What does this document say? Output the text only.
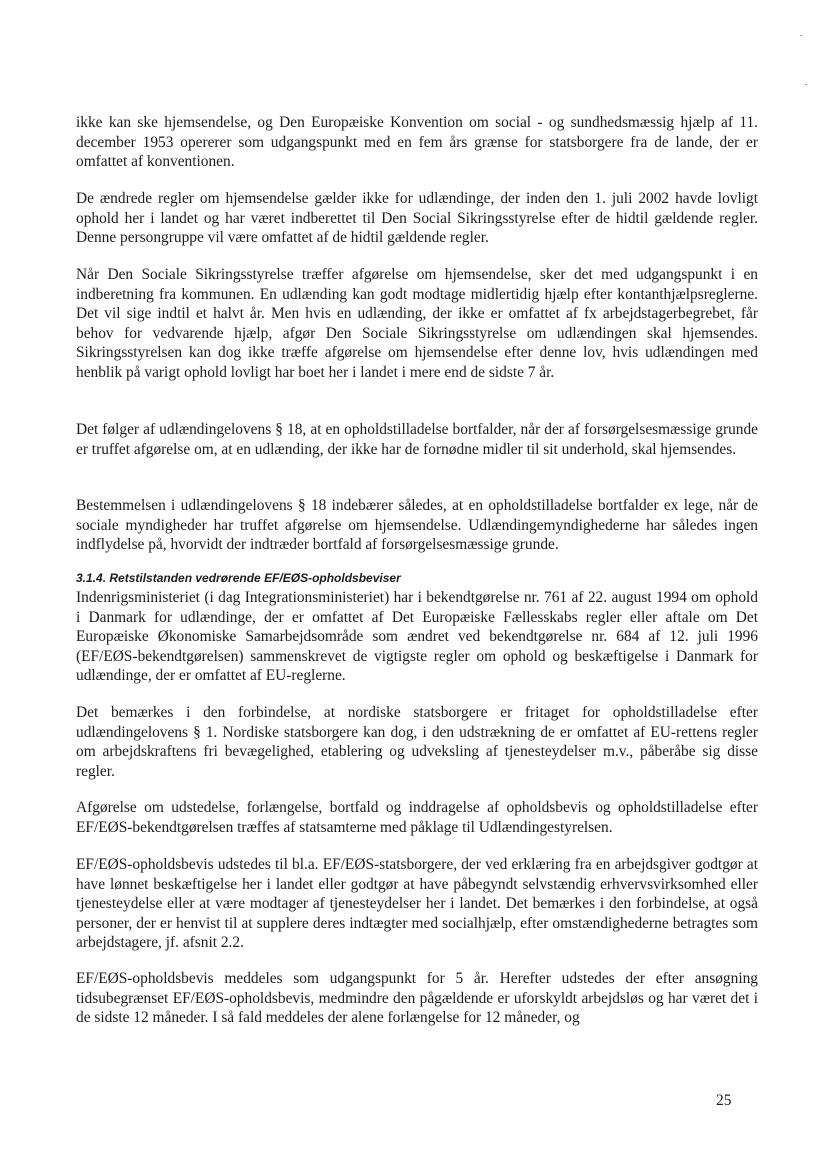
ikke kan ske hjemsendelse, og Den Europæiske Konvention om social - og sundhedsmæssig hjælp af 11. december 1953 opererer som udgangspunkt med en fem års grænse for statsborgere fra de lande, der er omfattet af konventionen.

De ændrede regler om hjemsendelse gælder ikke for udlændinge, der inden den 1. juli 2002 havde lovligt ophold her i landet og har været indberettet til Den Social Sikringsstyrelse efter de hidtil gældende regler. Denne persongruppe vil være omfattet af de hidtil gældende regler.

Når Den Sociale Sikringsstyrelse træffer afgørelse om hjemsendelse, sker det med udgangspunkt i en indberetning fra kommunen. En udlænding kan godt modtage midlertidig hjælp efter kontanthjælpsreglerne. Det vil sige indtil et halvt år. Men hvis en udlænding, der ikke er omfattet af fx arbejdstagerbegrebet, får behov for vedvarende hjælp, afgør Den Sociale Sikringsstyrelse om udlændingen skal hjemsendes. Sikringsstyrelsen kan dog ikke træffe afgørelse om hjemsendelse efter denne lov, hvis udlændingen med henblik på varigt ophold lovligt har boet her i landet i mere end de sidste 7 år.

Det følger af udlændingelovens § 18, at en opholdstilladelse bortfalder, når der af forsørgelsesmæssige grunde er truffet afgørelse om, at en udlænding, der ikke har de fornødne midler til sit underhold, skal hjemsendes.

Bestemmelsen i udlændingelovens § 18 indebærer således, at en opholdstilladelse bortfalder ex lege, når de sociale myndigheder har truffet afgørelse om hjemsendelse. Udlændingemyndighederne har således ingen indflydelse på, hvorvidt der indtræder bortfald af forsørgelsesmæssige grunde.

3.1.4. Retstilstanden vedrørende EF/EØS-opholdsbeviser

Indenrigsministeriet (i dag Integrationsministeriet) har i bekendtgørelse nr. 761 af 22. august 1994 om ophold i Danmark for udlændinge, der er omfattet af Det Europæiske Fællesskabs regler eller aftale om Det Europæiske Økonomiske Samarbejdsområde som ændret ved bekendtgørelse nr. 684 af 12. juli 1996 (EF/EØS-bekendtgørelsen) sammenskrevet de vigtigste regler om ophold og beskæftigelse i Danmark for udlændinge, der er omfattet af EU-reglerne.

Det bemærkes i den forbindelse, at nordiske statsborgere er fritaget for opholdstilladelse efter udlændingelovens § 1. Nordiske statsborgere kan dog, i den udstrækning de er omfattet af EU-rettens regler om arbejdskraftens fri bevægelighed, etablering og udveksling af tjenesteydelser m.v., påberåbe sig disse regler.

Afgørelse om udstedelse, forlængelse, bortfald og inddragelse af opholdsbevis og opholdstilladelse efter EF/EØS-bekendtgørelsen træffes af statsamterne med påklage til Udlændingestyrelsen.

EF/EØS-opholdsbevis udstedes til bl.a. EF/EØS-statsborgere, der ved erklæring fra en arbejdsgiver godtgør at have lønnet beskæftigelse her i landet eller godtgør at have påbegyndt selvstændig erhvervsvirksomhed eller tjenesteydelse eller at være modtager af tjenesteydelser her i landet. Det bemærkes i den forbindelse, at også personer, der er henvist til at supplere deres indtægter med socialhjælp, efter omstændighederne betragtes som arbejdstagere, jf. afsnit 2.2.

EF/EØS-opholdsbevis meddeles som udgangspunkt for 5 år. Herefter udstedes der efter ansøgning tidsubegrænset EF/EØS-opholdsbevis, medmindre den pågældende er uforskyldt arbejdsløs og har været det i de sidste 12 måneder. I så fald meddeles der alene forlængelse for 12 måneder, og

25
